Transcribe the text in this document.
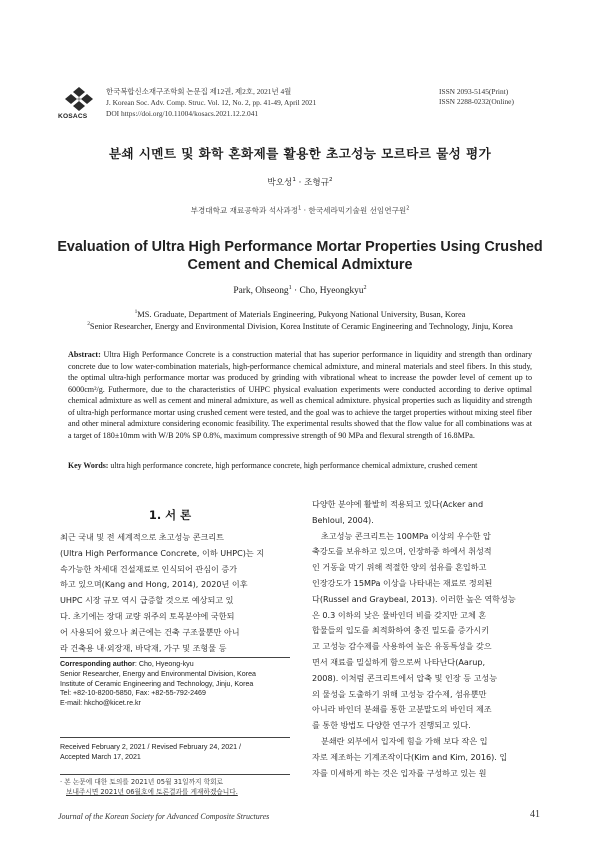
KOSACS
한국복합신소재구조학회 논문집 제12권, 제2호, 2021년 4월
J. Korean Soc. Adv. Comp. Struc. Vol. 12, No. 2, pp. 41-49, April 2021
DOI https://doi.org/10.11004/kosacs.2021.12.2.041
ISSN 2093-5145(Print)
ISSN 2288-0232(Online)
분쇄 시멘트 및 화학 혼화제를 활용한 초고성능 모르타르 물성 평가
박오성$^1$ · 조형규$^2$
부경대학교 재료공학과 석사과정$^1$ · 한국세라믹기술원 선임연구원$^2$
Evaluation of Ultra High Performance Mortar Properties Using Crushed
Cement and Chemical Admixture
Park, Ohseong$^1$ · Cho, Hyeongkyu$^2$
$^1$MS. Graduate, Department of Materials Engineering, Pukyong National University, Busan, Korea
$^2$Senior Researcher, Energy and Environmental Division, Korea Institute of Ceramic Engineering and Technology, Jinju, Korea
Abstract: Ultra High Performance Concrete is a construction material that has superior performance in liquidity and strength than ordinary concrete due to low water-combination materials, high-performance chemical admixture, and mineral materials and steel fibers. In this study, the optimal ultra-high performance mortar was produced by grinding with vibrational wheat to increase the powder level of cement up to 6000cm²/g. Futhermore, due to the characteristics of UHPC physical evaluation experiments were conducted according to derive optimal chemical admixture as well as cement and mineral admixture, as well as chemical admixture. physical properties such as liquidity and strength of ultra-high performance mortar using crushed cement were tested, and the goal was to achieve the target properties without mixing steel fiber and other mineral admixture considering economic feasibility. The experimental results showed that the flow value for all combinations was at a target of 180±10mm with W/B 20% SP 0.8%, maximum compressive strength of 90 MPa and flexural strength of 16.8MPa.
Key Words: ultra high performance concrete, high performance concrete, high performance chemical admixture, crushed cement
1. 서 론
최근 국내 및 전 세계적으로 초고성능 콘크리트
(Ultra High Performance Concrete, 이하 UHPC)는 지
속가능한 차세대 건설재료로 인식되어 관심이 증가
하고 있으며(Kang and Hong, 2014), 2020년 이후
UHPC 시장 규모 역시 급증할 것으로 예상되고 있
다. 초기에는 장대 교량 위주의 토목분야에 국한되
어 사용되어 왔으나 최근에는 건축 구조물뿐만 아니
라 건축용 내·외장재, 바닥재, 가구 및 조형물 등
Corresponding author: Cho, Hyeong-kyu
Senior Researcher, Energy and Environmental Division, Korea
Institute of Ceramic Engineering and Technology, Jinju, Korea
Tel: +82-10-8200-5850, Fax: +82-55-792-2469
E-mail: hkcho@kicet.re.kr
Received February 2, 2021 / Revised February 24, 2021 /
Accepted March 17, 2021
· 본 논문에 대한 토의를 2021년 05월 31일까지 학회로
보내주시면 2021년 06월호에 토론결과를 게재하겠습니다.
다양한 분야에 활발히 적용되고 있다(Acker and
Behloul, 2004).
초고성능 콘크리트는 100MPa 이상의 우수한 압
축강도를 보유하고 있으며, 인장하중 하에서 취성적
인 거동을 막기 위해 적절한 양의 섬유를 혼입하고
인장강도가 15MPa 이상을 나타내는 재료로 정의된
다(Russel and Graybeal, 2013). 이러한 높은 역학성능
은 0.3 이하의 낮은 물바인더 비를 갖지만 고체 혼
합물들의 입도를 최적화하여 충진 밀도를 증가시키
고 고성능 감수제를 사용하여 높은 유동특성을 갖으
면서 재료를 밀실하게 함으로써 나타난다(Aarup,
2008). 이처럼 콘크리트에서 압축 및 인장 등 고성능
의 물성을 도출하기 위해 고성능 감수제, 섬유뿐만
아니라 바인더 분쇄를 통한 고분말도의 바인더 제조
를 통한 방법도 다양한 연구가 진행되고 있다.
분쇄란 외부에서 입자에 힘을 가해 보다 작은 입
자로 제조하는 기계조작이다(Kim and Kim, 2016). 입
자를 미세하게 하는 것은 입자를 구성하고 있는 원
Journal of the Korean Society for Advanced Composite Structures	41
